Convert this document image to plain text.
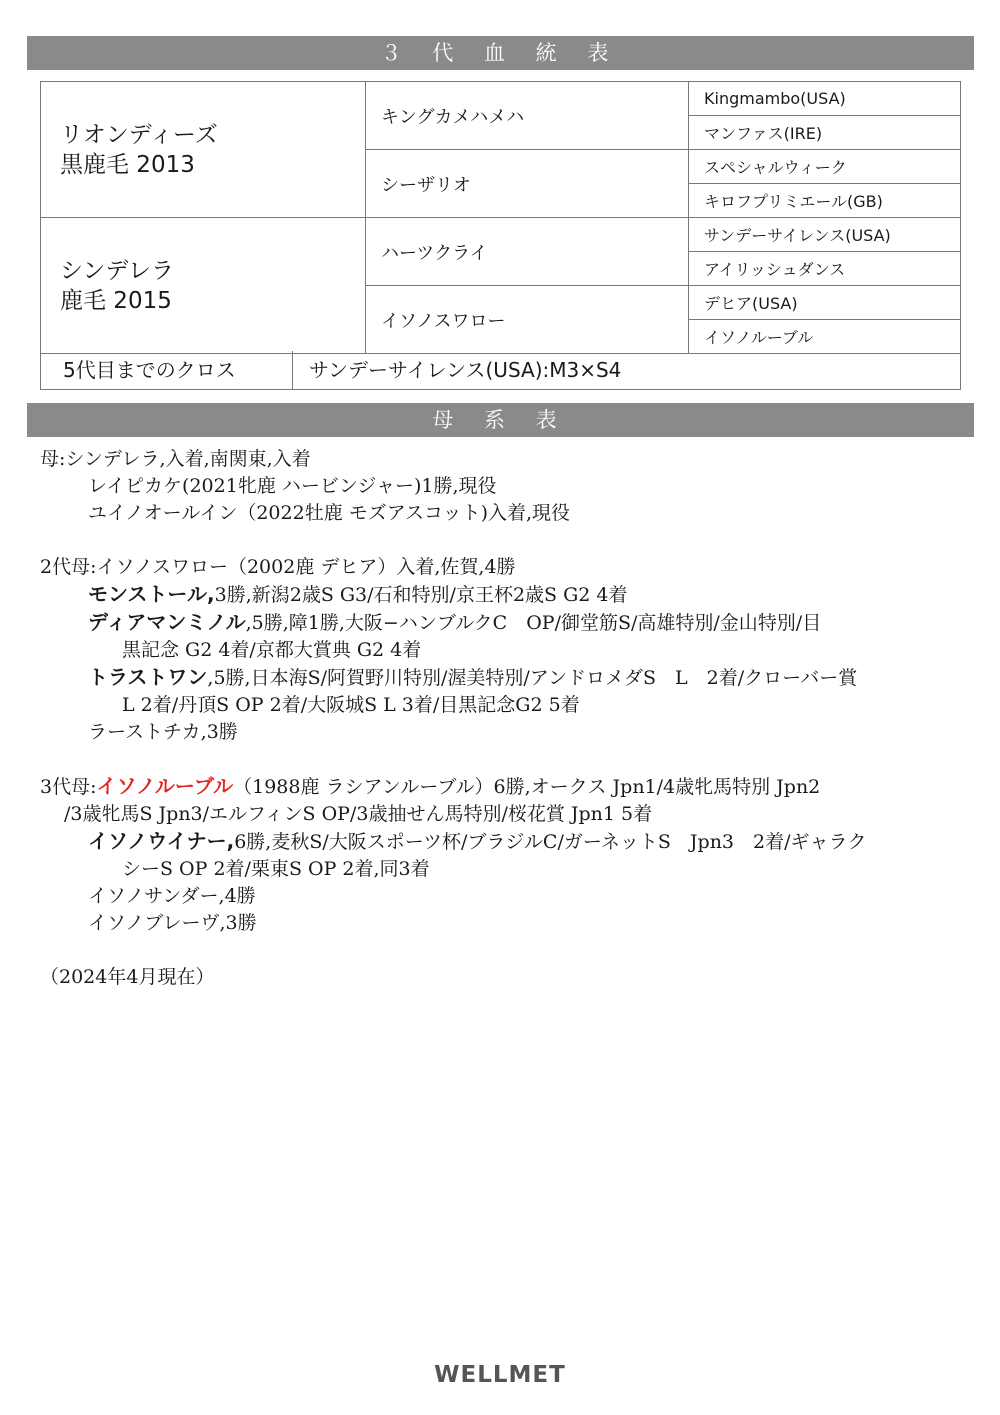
３ 代 血 統 表
リオンディーズ
黒鹿毛 2013	キングカメハメハ	Kingmambo(USA)
		マンファス(IRE)
	シーザリオ	スペシャルウィーク
		キロフプリミエール(GB)

シンデレラ
鹿毛 2015	ハーツクライ	サンデーサイレンス(USA)
		アイリッシュダンス
	イソノスワロー	デヒア(USA)
		イソノルーブル
5代目までのクロス	サンデーサイレンス(USA):M3×S4
母 系 表
母:シンデレラ,入着,南関東,入着
レイピカケ(2021牝鹿 ハービンジャー)1勝,現役
ユイノオールイン（2022牡鹿 モズアスコット)入着,現役
2代母:イソノスワロー（2002鹿 デヒア）入着,佐賀,4勝
モンストール,3勝,新潟2歳S G3/石和特別/京王杯2歳S G2 4着
ディアマンミノル,5勝,障1勝,大阪−ハンブルクC　OP/御堂筋S/高雄特別/金山特別/目
黒記念 G2 4着/京都大賞典 G2 4着
トラストワン,5勝,日本海S/阿賀野川特別/渥美特別/アンドロメダS　L　2着/クローバー賞
L 2着/丹頂S OP 2着/大阪城S L 3着/目黒記念G2 5着
ラーストチカ,3勝
3代母:イソノルーブル（1988鹿 ラシアンルーブル）6勝,オークス Jpn1/4歳牝馬特別 Jpn2
/3歳牝馬S Jpn3/エルフィンS OP/3歳抽せん馬特別/桜花賞 Jpn1 5着
イソノウイナー,6勝,麦秋S/大阪スポーツ杯/ブラジルC/ガーネットS　Jpn3　2着/ギャラク
シーS OP 2着/栗東S OP 2着,同3着
イソノサンダー,4勝
イソノブレーヴ,3勝
（2024年4月現在）
WELLMET
